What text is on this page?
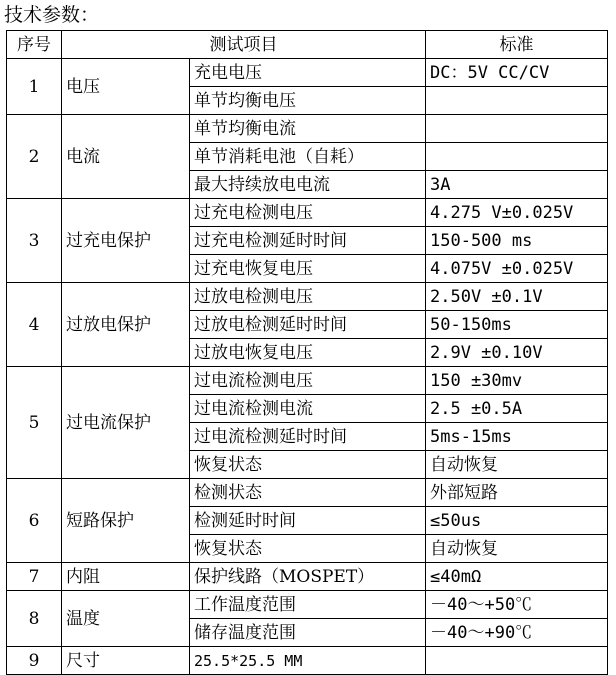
技术参数：
序号	测试项目		标准
1	电压	充电电压	DC：5V CC/CV
		单节均衡电压	
2	电流	单节均衡电流	
		单节消耗电池（自耗）	
		最大持续放电电流	3A
3	过充电保护	过充电检测电压	4.275 V±0.025V
		过充电检测延时时间	150-500 ms
		过充电恢复电压	4.075V ±0.025V
4	过放电保护	过放电检测电压	2.50V ±0.1V
		过放电检测延时时间	50-150ms
		过放电恢复电压	2.9V ±0.10V
5	过电流保护	过电流检测电压	150 ±30mv
		过电流检测电流	2.5 ±0.5A
		过电流检测延时时间	5ms-15ms
		恢复状态	自动恢复
6	短路保护	检测状态	外部短路
		检测延时时间	≤50us
		恢复状态	自动恢复
7	内阻	保护线路（MOSPET）	≤40mΩ
8	温度	工作温度范围	－40～+50℃
		储存温度范围	－40～+90℃
9	尺寸	25.5*25.5 MM	
